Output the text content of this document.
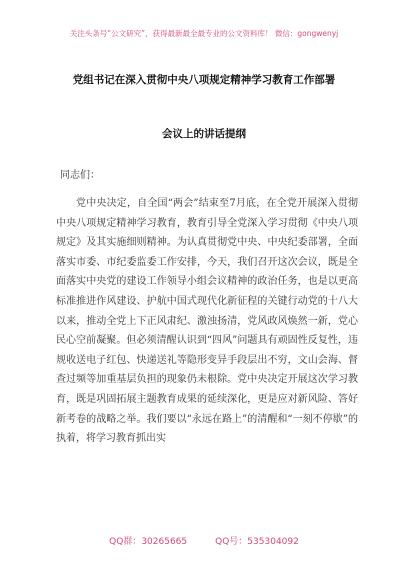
关注头条号“公文研究”，获得最新最全最专业的公文资料库！ 微信：gongwenyj
党组书记在深入贯彻中央八项规定精神学习教育工作部署
会议上的讲话提纲
同志们：

党中央决定，自全国“两会”结束至7月底，在全党开展深入贯彻中央八项规定精神学习教育，教育引导全党深入学习贯彻《中央八项规定》及其实施细则精神。为认真贯彻党中央、中央纪委部署，全面落实市委、市纪委监委工作安排，今天，我们召开这次会议，既是全面落实中央党的建设工作领导小组会议精神的政治任务，也是以更高标准推进作风建设、护航中国式现代化新征程的关键行动党的十八大以来，推动全党上下正风肃纪、激浊扬清，党风政风焕然一新，党心民心空前凝聚。但必须清醒认识到“四风”问题具有顽固性反复性，违规收送电子红包、快递送礼等隐形变异手段层出不穷，文山会海、督查过频等加重基层负担的现象仍未根除。党中央决定开展这次学习教育，既是巩固拓展主题教育成果的延续深化，更是应对新风险、答好新考卷的战略之举。我们要以“永远在路上”的清醒和“一刻不停歇”的执着，将学习教育抓出实

QQ群：30265665	QQ号：535304092
